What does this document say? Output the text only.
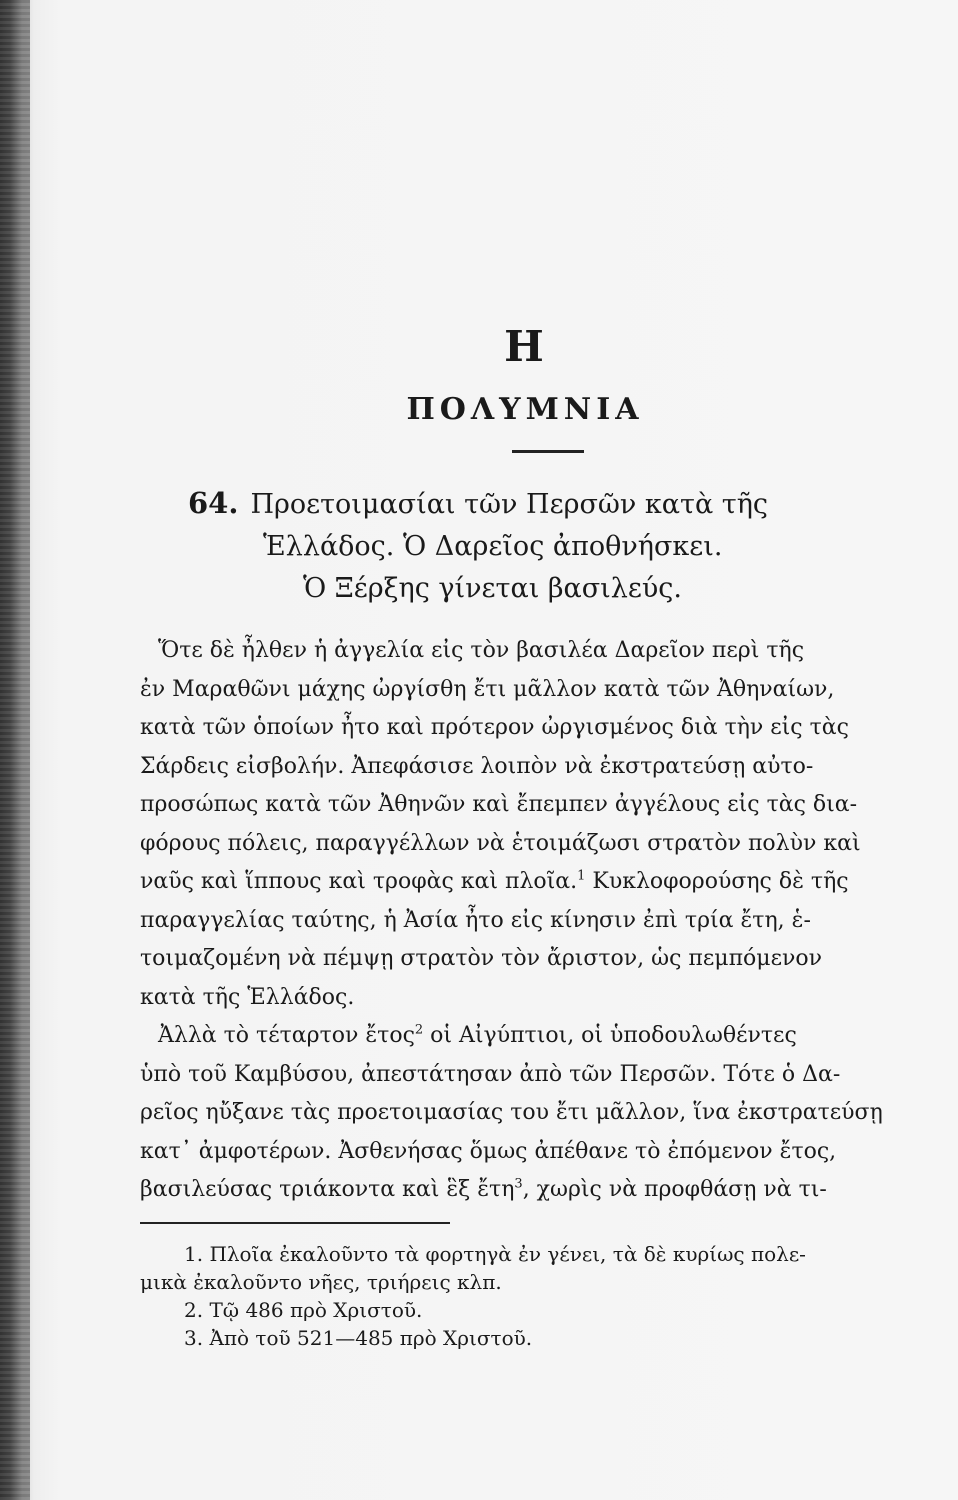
Η
ΠΟΛΥΜΝΙΑ
64. Προετοιμασίαι τῶν Περσῶν κατὰ τῆς
Ἑλλάδος. Ὁ Δαρεῖος ἀποθνήσκει.
Ὁ Ξέρξης γίνεται βασιλεύς.
Ὅτε δὲ ἦλθεν ἡ ἀγγελία εἰς τὸν βασιλέα Δαρεῖον περὶ τῆς
ἐν Μαραθῶνι μάχης ὠργίσθη ἔτι μᾶλλον κατὰ τῶν Ἀθηναίων,
κατὰ τῶν ὁποίων ἦτο καὶ πρότερον ὠργισμένος διὰ τὴν εἰς τὰς
Σάρδεις εἰσβολήν. Ἀπεφάσισε λοιπὸν νὰ ἐκστρατεύσῃ αὐτο-
προσώπως κατὰ τῶν Ἀθηνῶν καὶ ἔπεμπεν ἀγγέλους εἰς τὰς δια-
φόρους πόλεις, παραγγέλλων νὰ ἑτοιμάζωσι στρατὸν πολὺν καὶ
ναῦς καὶ ἵππους καὶ τροφὰς καὶ πλοῖα.$^1$ Κυκλοφορούσης δὲ τῆς
παραγγελίας ταύτης, ἡ Ἀσία ἦτο εἰς κίνησιν ἐπὶ τρία ἔτη, ἑ-
τοιμαζομένη νὰ πέμψῃ στρατὸν τὸν ἄριστον, ὡς πεμπόμενον
κατὰ τῆς Ἑλλάδος.
Ἀλλὰ τὸ τέταρτον ἔτος$^2$ οἱ Αἰγύπτιοι, οἱ ὑποδουλωθέντες
ὑπὸ τοῦ Καμβύσου, ἀπεστάτησαν ἀπὸ τῶν Περσῶν. Τότε ὁ Δα-
ρεῖος ηὔξανε τὰς προετοιμασίας του ἔτι μᾶλλον, ἵνα ἐκστρατεύσῃ
κατ᾽ ἀμφοτέρων. Ἀσθενήσας ὅμως ἀπέθανε τὸ ἐπόμενον ἔτος,
βασιλεύσας τριάκοντα καὶ ἓξ ἔτη$^3$, χωρὶς νὰ προφθάσῃ νὰ τι-
1. Πλοῖα ἐκαλοῦντο τὰ φορτηγὰ ἐν γένει, τὰ δὲ κυρίως πολε-
μικὰ ἐκαλοῦντο νῆες, τριήρεις κλπ.
2. Τῷ 486 πρὸ Χριστοῦ.
3. Ἀπὸ τοῦ 521—485 πρὸ Χριστοῦ.
